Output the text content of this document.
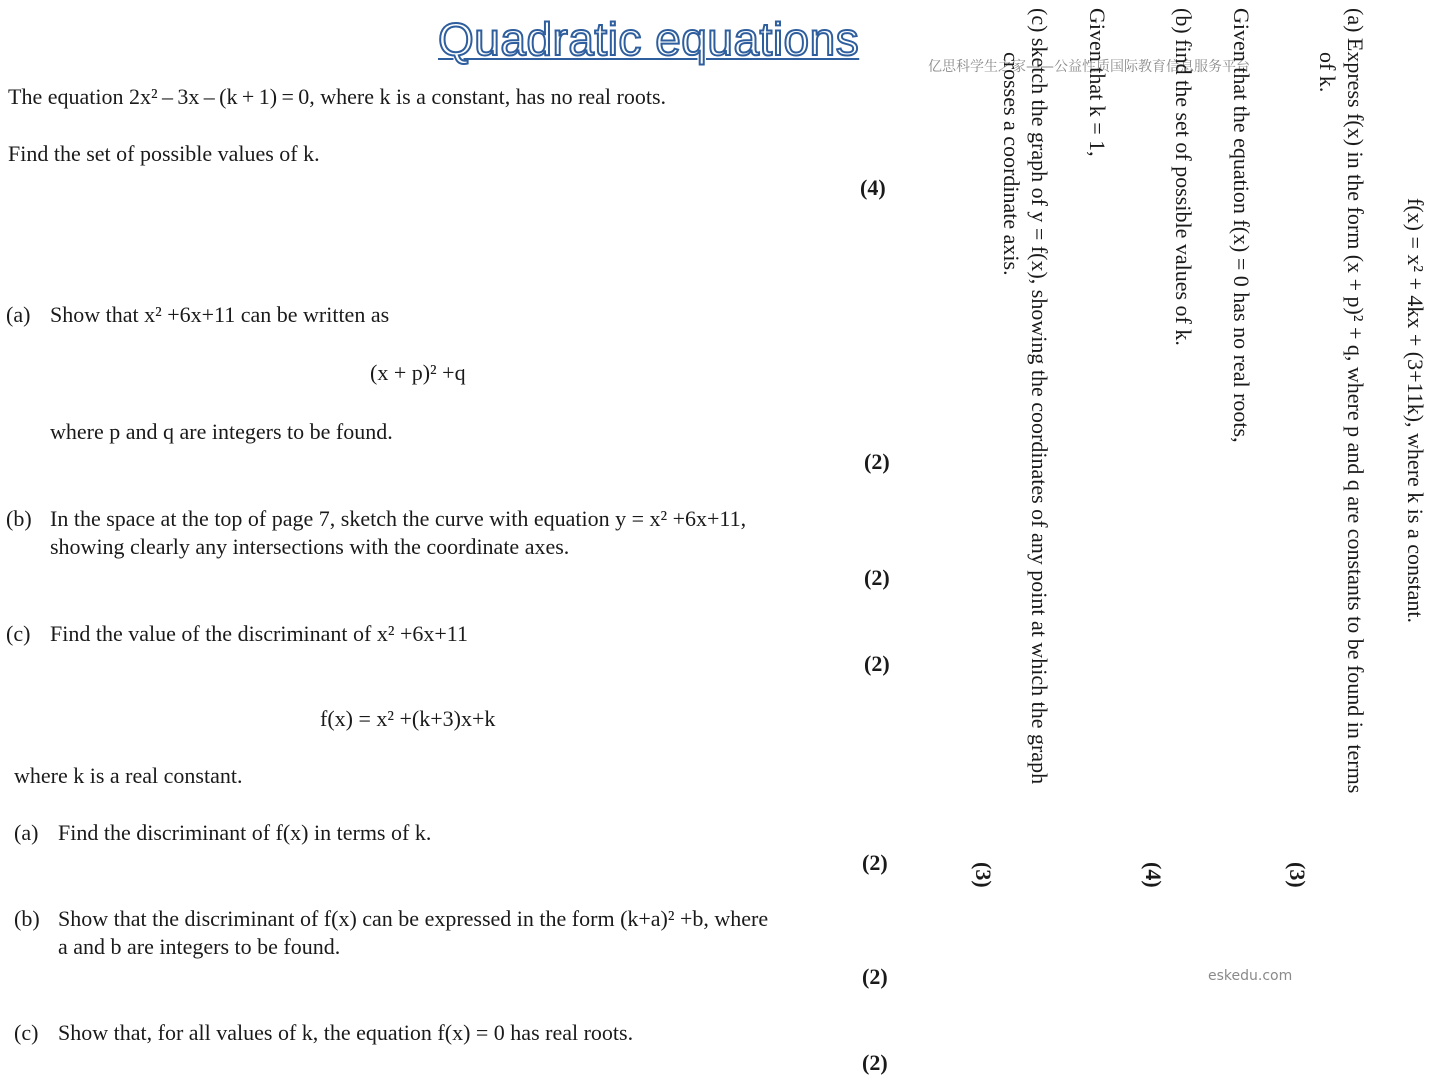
Quadratic equations
亿思科学生之家——公益性质国际教育信息服务平台
The equation 2x² – 3x – (k + 1) = 0, where k is a constant, has no real roots.
Find the set of possible values of k.
(4)
(a) Show that x² +6x+11 can be written as
(x + p)² +q
where p and q are integers to be found.
(2)
(b) In the space at the top of page 7, sketch the curve with equation y = x² +6x+11,
showing clearly any intersections with the coordinate axes.
(2)
(c) Find the value of the discriminant of x² +6x+11
(2)
f(x) = x² +(k+3)x+k
where k is a real constant.
(a) Find the discriminant of f(x) in terms of k.
(2)
(b) Show that the discriminant of f(x) can be expressed in the form (k+a)² +b, where
a and b are integers to be found.
(2)
(c) Show that, for all values of k, the equation f(x) = 0 has real roots.
(2)
f(x) = x² + 4kx + (3+11k), where k is a constant.
(a) Express f(x) in the form (x + p)² + q, where p and q are constants to be found in terms
of k.
(3)
Given that the equation f(x) = 0 has no real roots,
(b) find the set of possible values of k.
(4)
Given that k = 1,
(c) sketch the graph of y = f(x), showing the coordinates of any point at which the graph
crosses a coordinate axis.
(3)
eskedu.com
